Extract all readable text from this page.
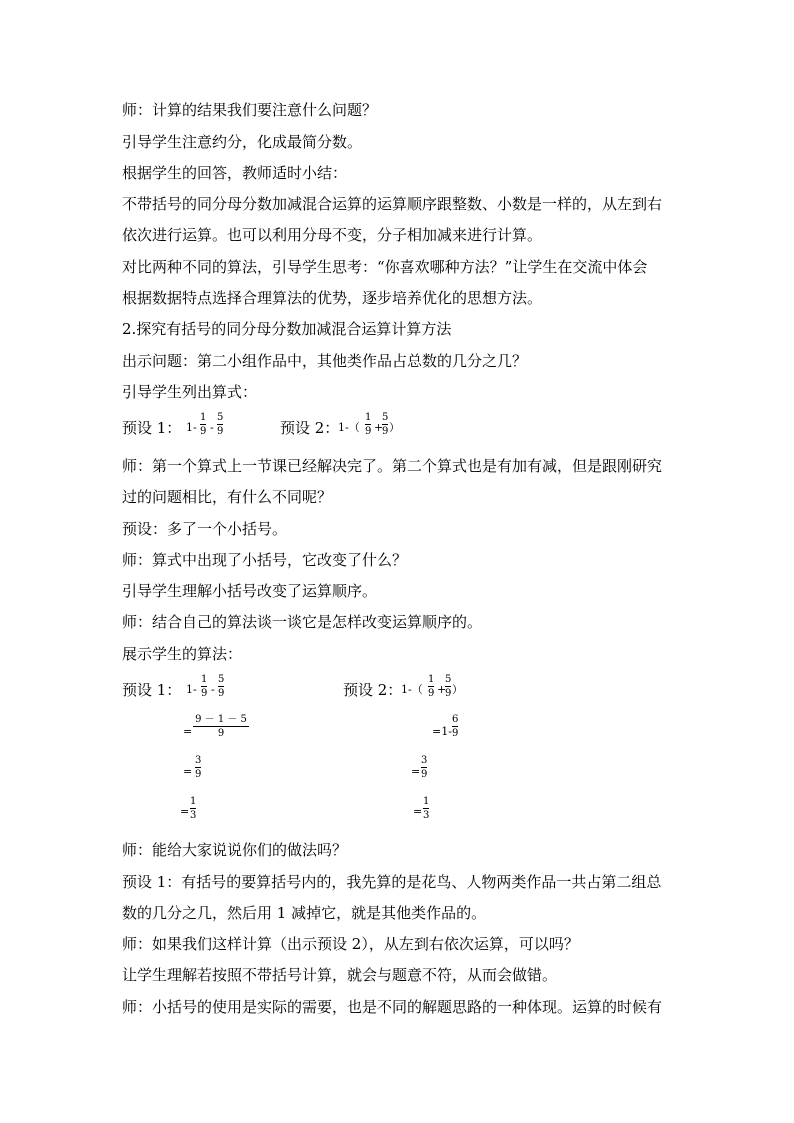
师：计算的结果我们要注意什么问题？
引导学生注意约分，化成最简分数。
根据学生的回答，教师适时小结：
不带括号的同分母分数加减混合运算的运算顺序跟整数、小数是一样的，从左到右
依次进行运算。也可以利用分母不变，分子相加减来进行计算。
对比两种不同的算法，引导学生思考：“你喜欢哪种方法？”让学生在交流中体会
根据数据特点选择合理算法的优势，逐步培养优化的思想方法。
2.探究有括号的同分母分数加减混合运算计算方法
出示问题：第二小组作品中，其他类作品占总数的几分之几？
引导学生列出算式：
预设 1： 1-
1
9 -
5
9	预设 2：
1-（
1
9 +
5
9 ）
师：第一个算式上一节课已经解决完了。第二个算式也是有加有减，但是跟刚研究
过的问题相比，有什么不同呢？
预设：多了一个小括号。
师：算式中出现了小括号，它改变了什么？
引导学生理解小括号改变了运算顺序。
师：结合自己的算法谈一谈它是怎样改变运算顺序的。
展示学生的算法：
预设 1： 1-
1
9 -
5
9
=
9 － 1 － 5
9
=
3
9
=
1
3
预设 2：
1-（
1
9 +
5
9 ）
=1-
6
9
=
3
9
=
1
3
师：能给大家说说你们的做法吗？
预设 1：有括号的要算括号内的，我先算的是花鸟、人物两类作品一共占第二组总
数的几分之几，然后用 1 减掉它，就是其他类作品的。
师：如果我们这样计算（出示预设 2），从左到右依次运算，可以吗？
让学生理解若按照不带括号计算，就会与题意不符，从而会做错。
师：小括号的使用是实际的需要，也是不同的解题思路的一种体现。运算的时候有
